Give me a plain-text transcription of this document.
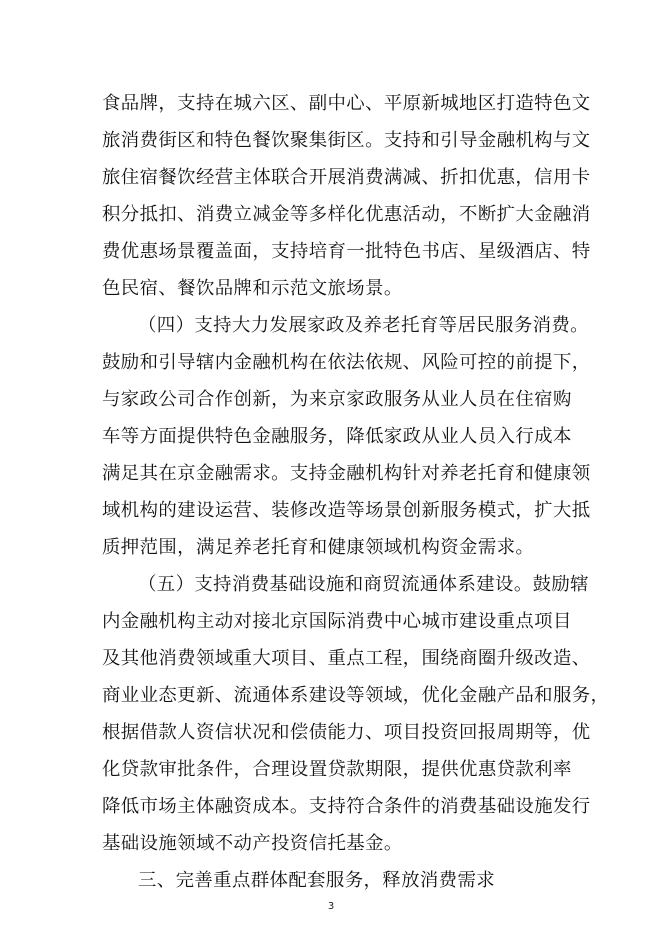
食品牌，支持在城六区、副中心、平原新城地区打造特色文
旅消费街区和特色餐饮聚集街区。支持和引导金融机构与文
旅住宿餐饮经营主体联合开展消费满减、折扣优惠，信用卡
积分抵扣、消费立减金等多样化优惠活动，不断扩大金融消
费优惠场景覆盖面，支持培育一批特色书店、星级酒店、特
色民宿、餐饮品牌和示范文旅场景。
（四）支持大力发展家政及养老托育等居民服务消费。
鼓励和引导辖内金融机构在依法依规、风险可控的前提下，
与家政公司合作创新，为来京家政服务从业人员在住宿购
车等方面提供特色金融服务，降低家政从业人员入行成本
满足其在京金融需求。支持金融机构针对养老托育和健康领
域机构的建设运营、装修改造等场景创新服务模式，扩大抵
质押范围，满足养老托育和健康领域机构资金需求。
（五）支持消费基础设施和商贸流通体系建设。鼓励辖
内金融机构主动对接北京国际消费中心城市建设重点项目
及其他消费领域重大项目、重点工程，围绕商圈升级改造、
商业业态更新、流通体系建设等领域，优化金融产品和服务，
根据借款人资信状况和偿债能力、项目投资回报周期等，优
化贷款审批条件，合理设置贷款期限，提供优惠贷款利率
降低市场主体融资成本。支持符合条件的消费基础设施发行
基础设施领域不动产投资信托基金。
三、完善重点群体配套服务，释放消费需求
3
